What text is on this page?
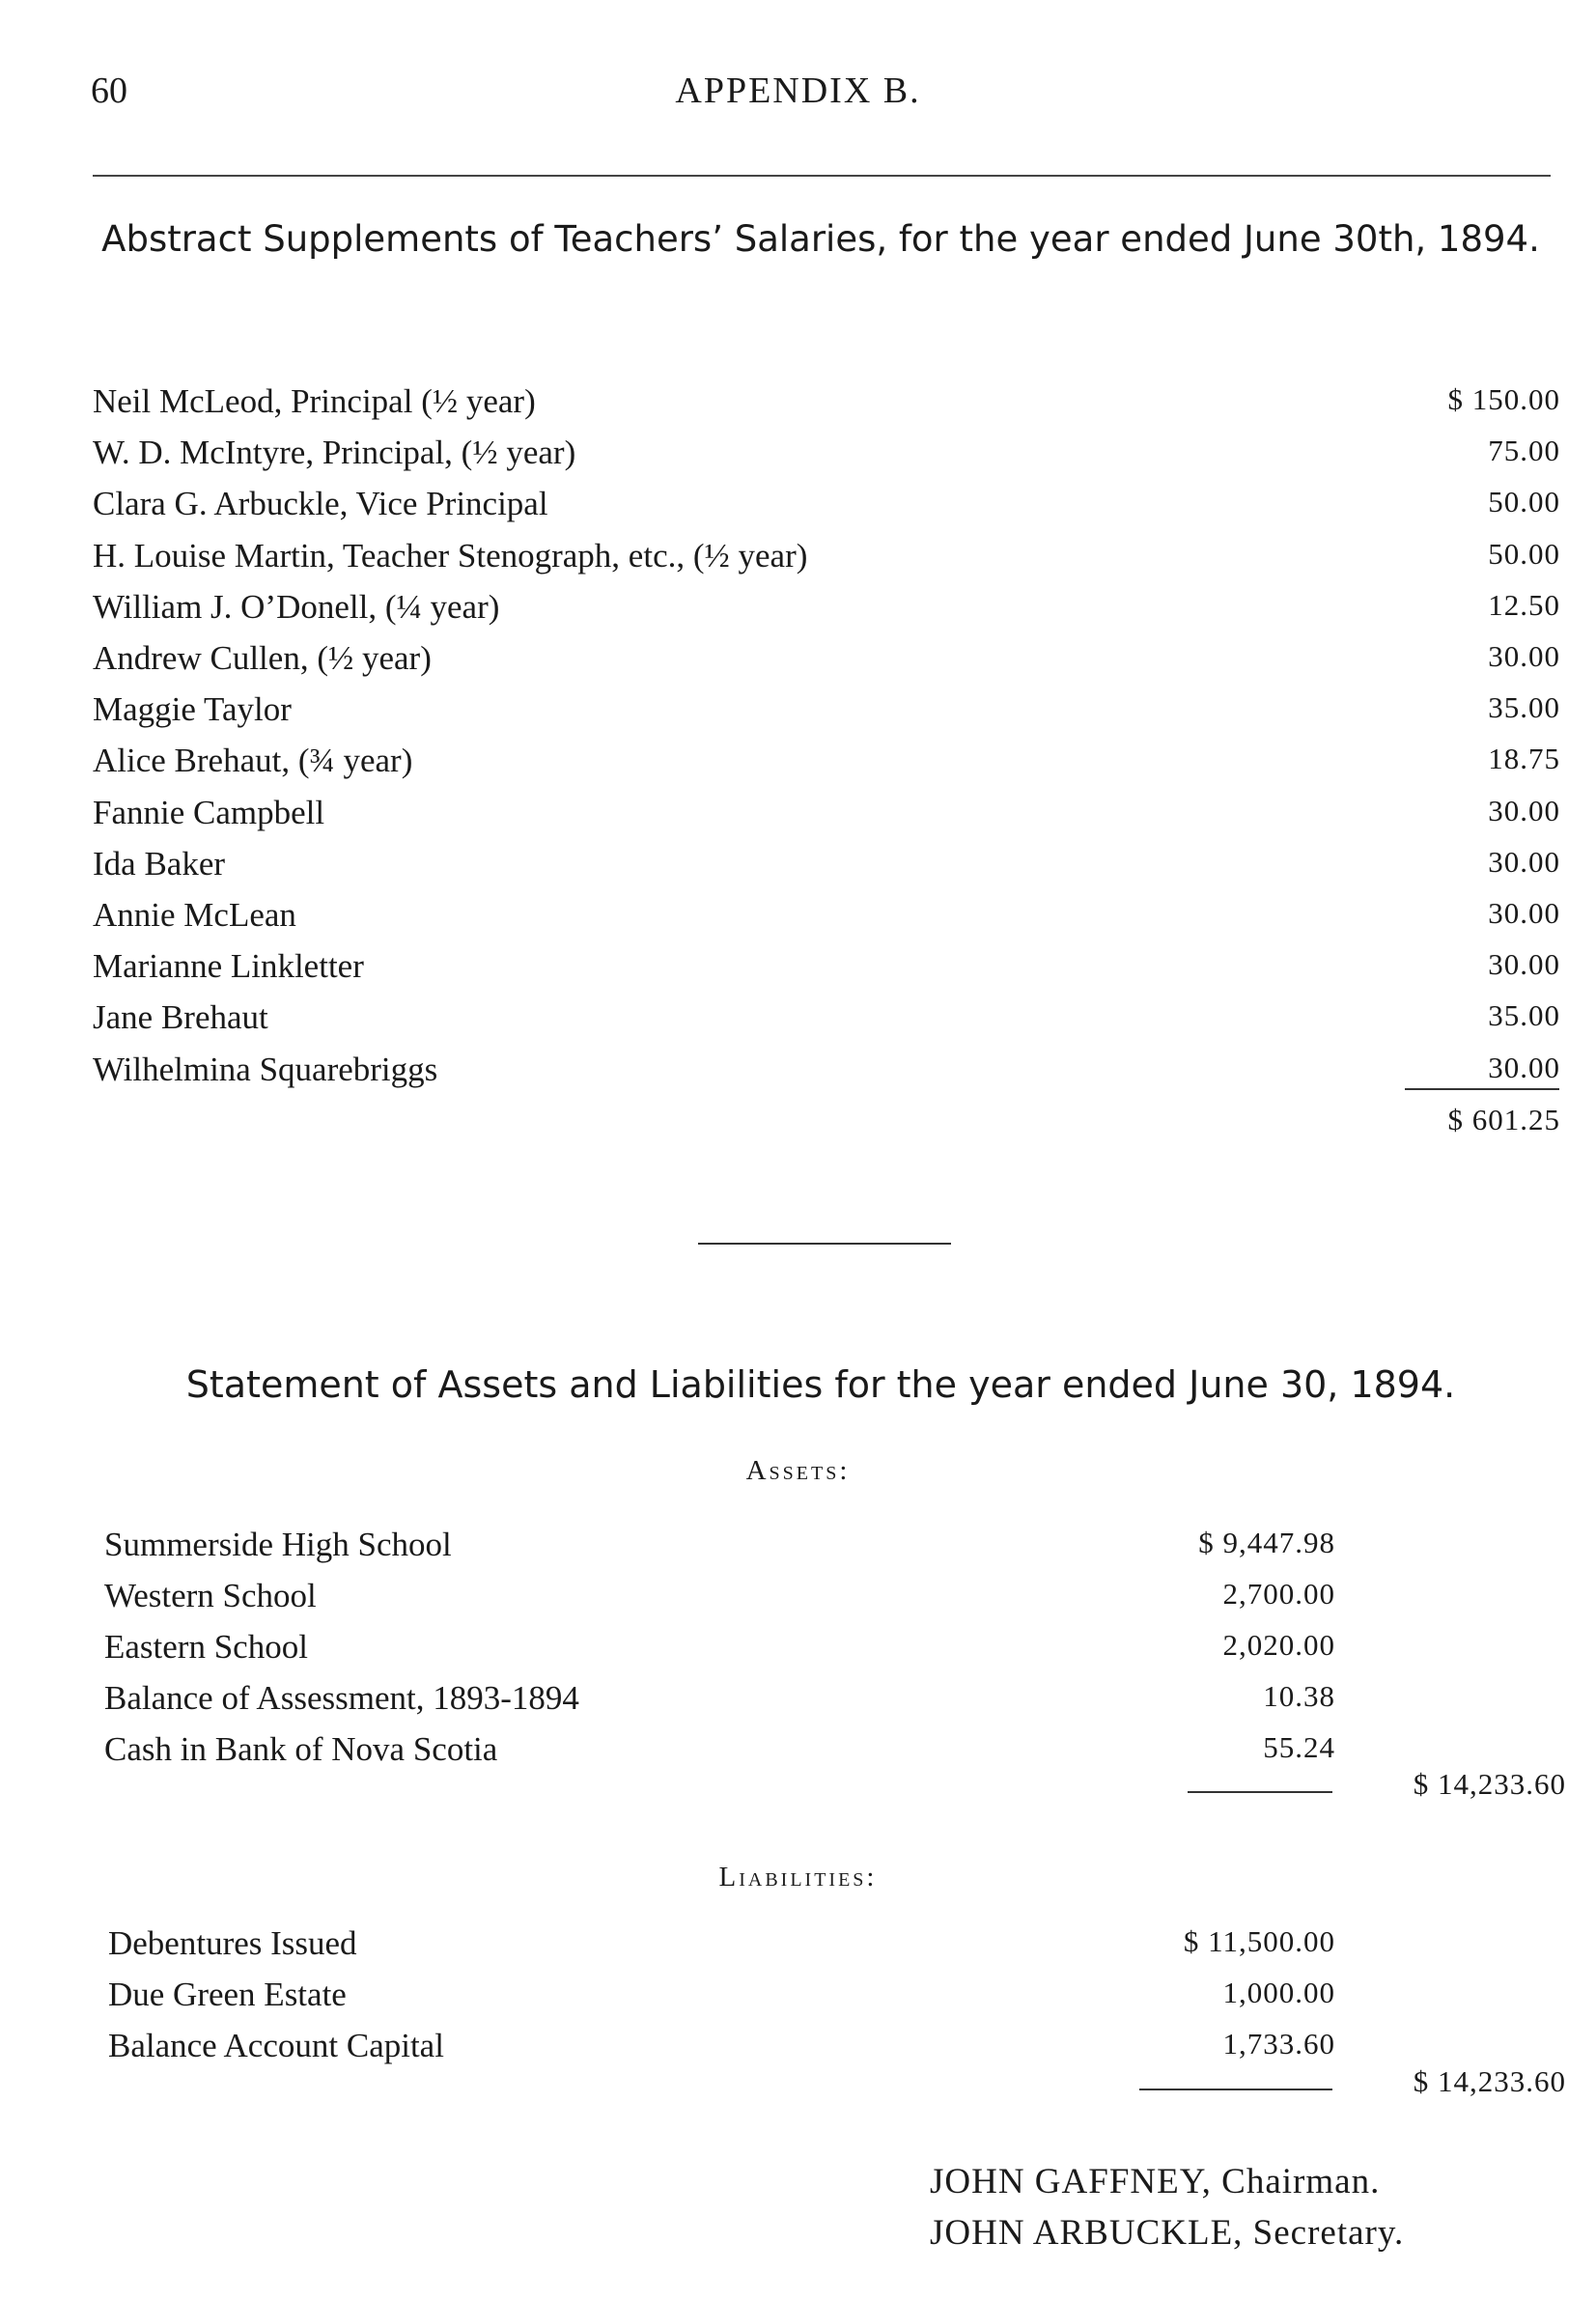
60	APPENDIX B.
Abstract Supplements of Teachers’ Salaries, for the year ended June 30th, 1894.
Neil McLeod, Principal (½ year)	$ 150.00
W. D. McIntyre, Principal, (½ year)	75.00
Clara G. Arbuckle, Vice Principal	50.00
H. Louise Martin, Teacher Stenograph, etc., (½ year)	50.00
William J. O’Donell, (¼ year)	12.50
Andrew Cullen, (½ year)	30.00
Maggie Taylor	35.00
Alice Brehaut, (¾ year)	18.75
Fannie Campbell	30.00
Ida Baker	30.00
Annie McLean	30.00
Marianne Linkletter	30.00
Jane Brehaut	35.00
Wilhelmina Squarebriggs	30.00
$ 601.25
Statement of Assets and Liabilities for the year ended June 30, 1894.
Assets:
Summerside High School	$ 9,447.98
Western School	2,700.00
Eastern School	2,020.00
Balance of Assessment, 1893-1894	10.38
Cash in Bank of Nova Scotia	55.24
$ 14,233.60
Liabilities:
Debentures Issued	$ 11,500.00
Due Green Estate	1,000.00
Balance Account Capital	1,733.60
$ 14,233.60
JOHN GAFFNEY, Chairman.
JOHN ARBUCKLE, Secretary.
